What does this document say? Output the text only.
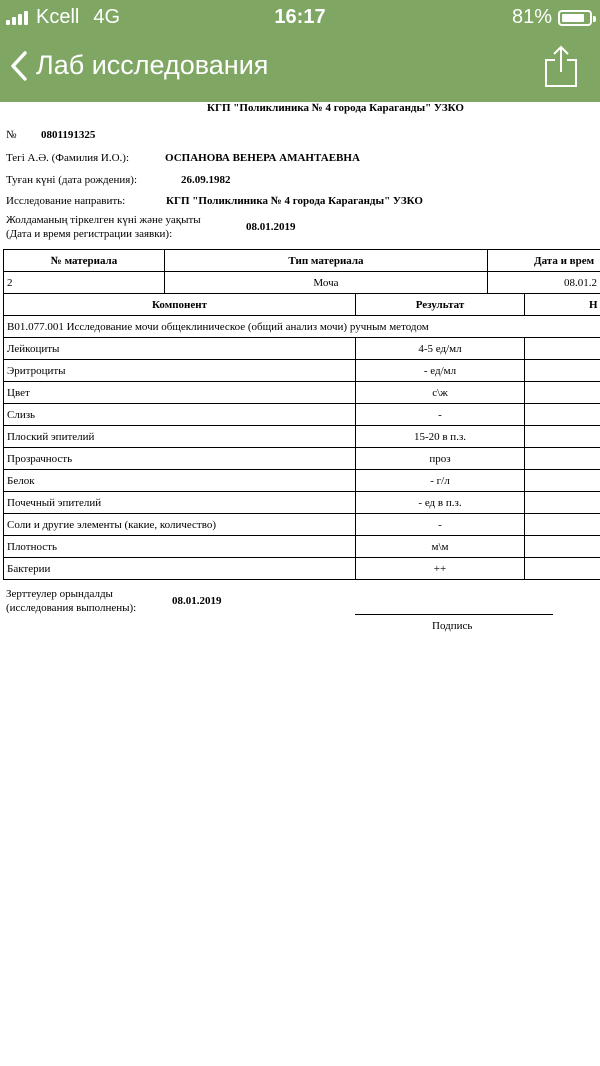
Kcell 4G	16:17	81%
Лаб исследования
КГП "Поликлиника № 4 города Караганды" УЗКО
№ 0801191325
Тегі А.Ә. (Фамилия И.О.):	ОСПАНОВА ВЕНЕРА АМАНТАЕВНА
Туған күні (дата рождения):	26.09.1982
Исследование направить:	КГП "Поликлиника № 4 города Караганды" УЗКО
Жолдаманың тіркелген күні және уақыты
(Дата и время регистрации заявки):
08.01.2019
№ материала	Тип материала	Дата и врем
2	Моча	08.01.2
Компонент	Результат	Н
B01.077.001 Исследование мочи общеклиническое (общий анализ мочи) ручным методом		
Лейкоциты	4-5 ед/мл	
Эритроциты	- ед/мл	
Цвет	с\ж	
Слизь	-	
Плоский эпителий	15-20 в п.з.	
Прозрачность	проз	
Белок	- г/л	
Почечный эпителий	- ед в п.з.	
Соли и другие элементы (какие, количество)	-	
Плотность	м\м	
Бактерии	++	
Зерттеулер орындалды
(исследования выполнены):
08.01.2019
Подпись
